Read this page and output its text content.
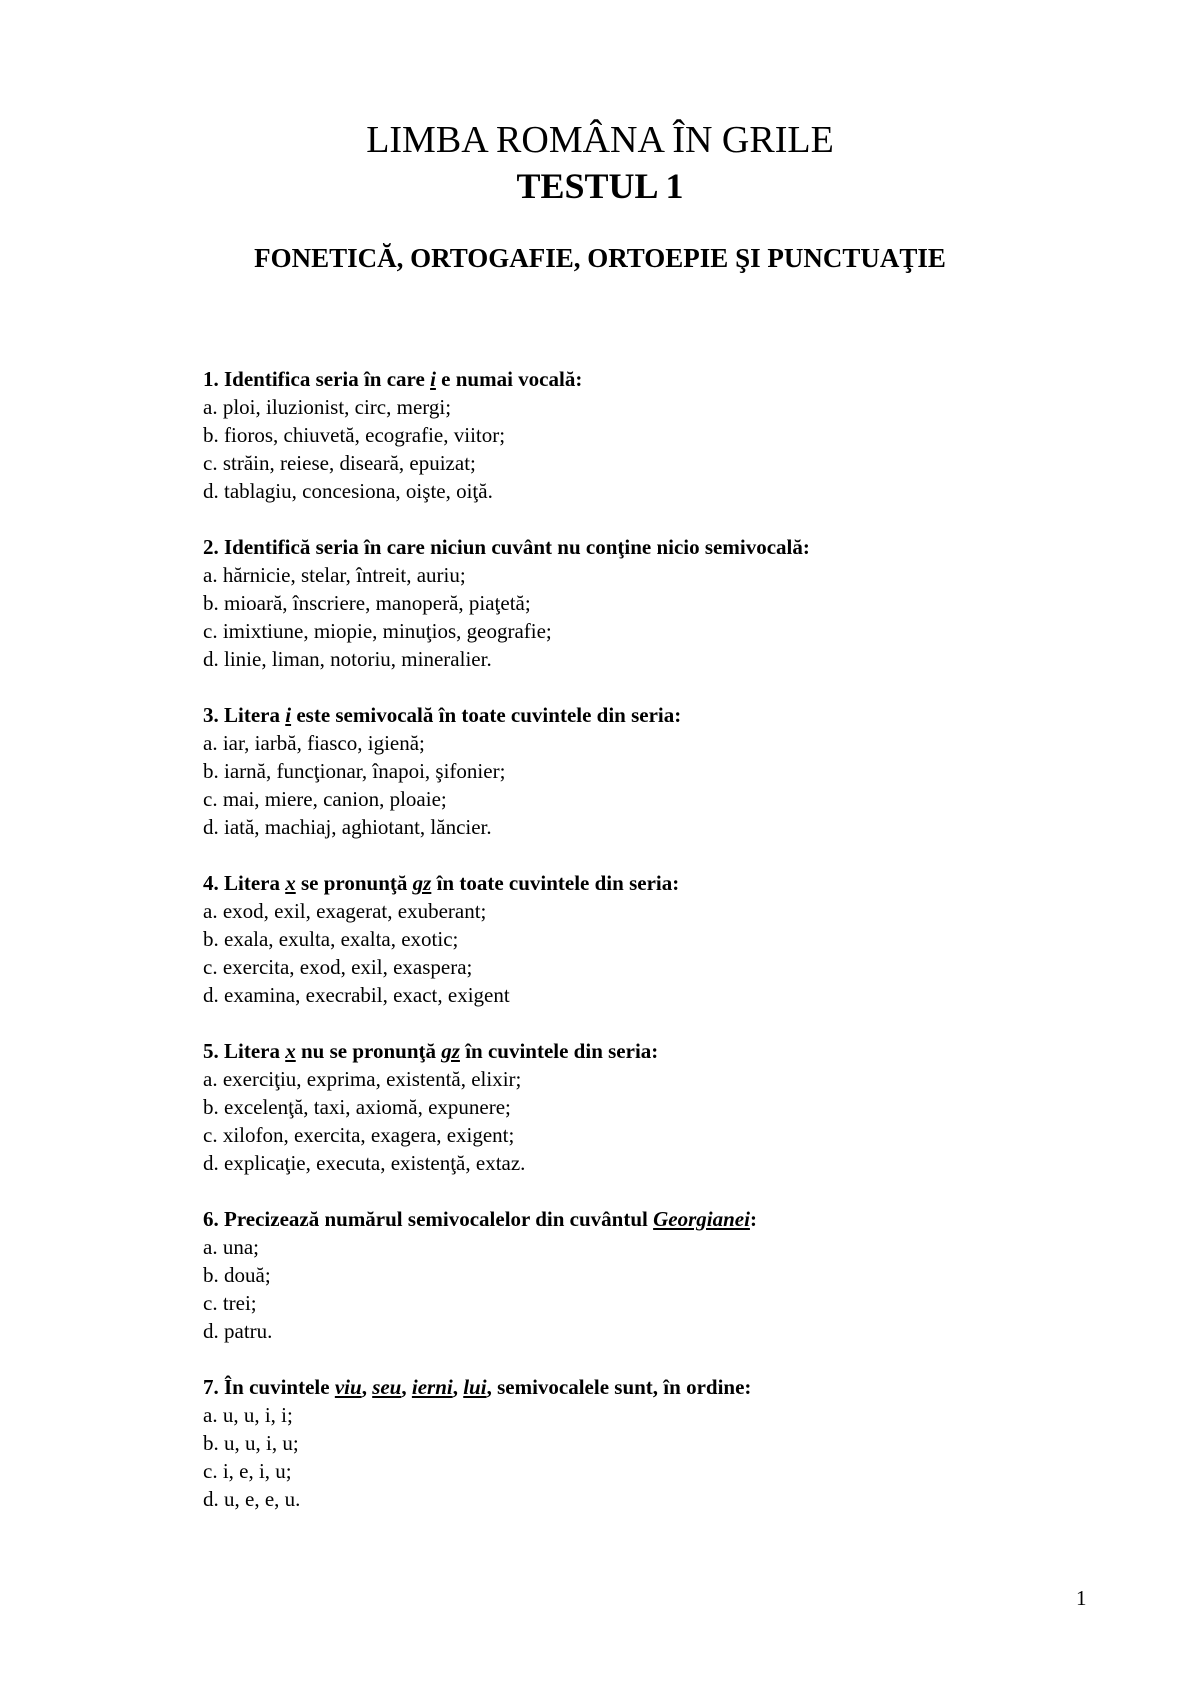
LIMBA ROMÂNA ÎN GRILE
TESTUL 1
FONETICĂ, ORTOGAFIE, ORTOEPIE ŞI PUNCTUAŢIE
1. Identifica seria în care i e numai vocală:
a. ploi, iluzionist, circ, mergi;
b. fioros, chiuvetă, ecografie, viitor;
c. străin, reiese, diseară, epuizat;
d. tablagiu, concesiona, oişte, oiţă.
2. Identifică seria în care niciun cuvânt nu conţine nicio semivocală:
a. hărnicie, stelar, întreit, auriu;
b. mioară, înscriere, manoperă, piaţetă;
c. imixtiune, miopie, minuţios, geografie;
d. linie, liman, notoriu, mineralier.
3. Litera i este semivocală în toate cuvintele din seria:
a. iar, iarbă, fiasco, igienă;
b. iarnă, funcţionar, înapoi, şifonier;
c. mai, miere, canion, ploaie;
d. iată, machiaj, aghiotant, lăncier.
4. Litera x se pronunţă gz în toate cuvintele din seria:
a. exod, exil, exagerat, exuberant;
b. exala, exulta, exalta, exotic;
c. exercita, exod, exil, exaspera;
d. examina, execrabil, exact, exigent
5. Litera x nu se pronunţă gz în cuvintele din seria:
a. exerciţiu, exprima, existentă, elixir;
b. excelenţă, taxi, axiomă, expunere;
c. xilofon, exercita, exagera, exigent;
d. explicaţie, executa, existenţă, extaz.
6. Precizează numărul semivocalelor din cuvântul Georgianei:
a. una;
b. două;
c. trei;
d. patru.
7. În cuvintele viu, seu, ierni, lui, semivocalele sunt, în ordine:
a. u, u, i, i;
b. u, u, i, u;
c. i, e, i, u;
d. u, e, e, u.
1
